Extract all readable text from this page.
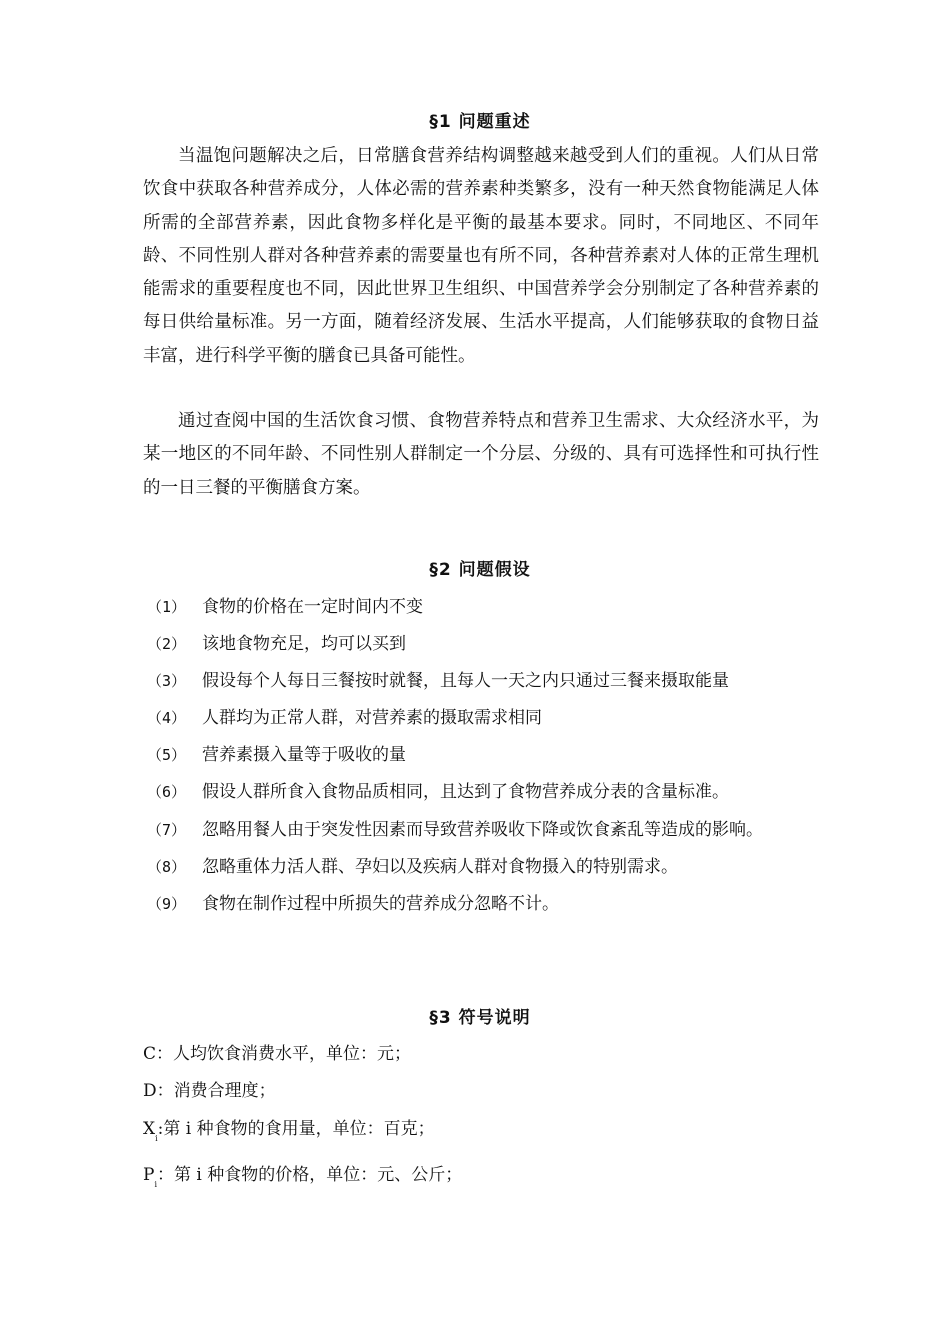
§1 问题重述

当温饱问题解决之后，日常膳食营养结构调整越来越受到人们的重视。人们从日常饮食中获取各种营养成分，人体必需的营养素种类繁多，没有一种天然食物能满足人体所需的全部营养素，因此食物多样化是平衡的最基本要求。同时，不同地区、不同年龄、不同性别人群对各种营养素的需要量也有所不同，各种营养素对人体的正常生理机能需求的重要程度也不同，因此世界卫生组织、中国营养学会分别制定了各种营养素的每日供给量标准。另一方面，随着经济发展、生活水平提高，人们能够获取的食物日益丰富，进行科学平衡的膳食已具备可能性。

通过查阅中国的生活饮食习惯、食物营养特点和营养卫生需求、大众经济水平，为某一地区的不同年龄、不同性别人群制定一个分层、分级的、具有可选择性和可执行性的一日三餐的平衡膳食方案。

§2 问题假设
（1） 食物的价格在一定时间内不变
（2） 该地食物充足，均可以买到
（3） 假设每个人每日三餐按时就餐，且每人一天之内只通过三餐来摄取能量
（4） 人群均为正常人群，对营养素的摄取需求相同
（5） 营养素摄入量等于吸收的量
（6） 假设人群所食入食物品质相同，且达到了食物营养成分表的含量标准。
（7） 忽略用餐人由于突发性因素而导致营养吸收下降或饮食紊乱等造成的影响。
（8） 忽略重体力活人群、孕妇以及疾病人群对食物摄入的特别需求。
（9） 食物在制作过程中所损失的营养成分忽略不计。
§3 符号说明
C：人均饮食消费水平，单位：元；
D：消费合理度；
$X_i$:第 i 种食物的食用量，单位：百克；
$P_i$：第 i 种食物的价格，单位：元、公斤；
